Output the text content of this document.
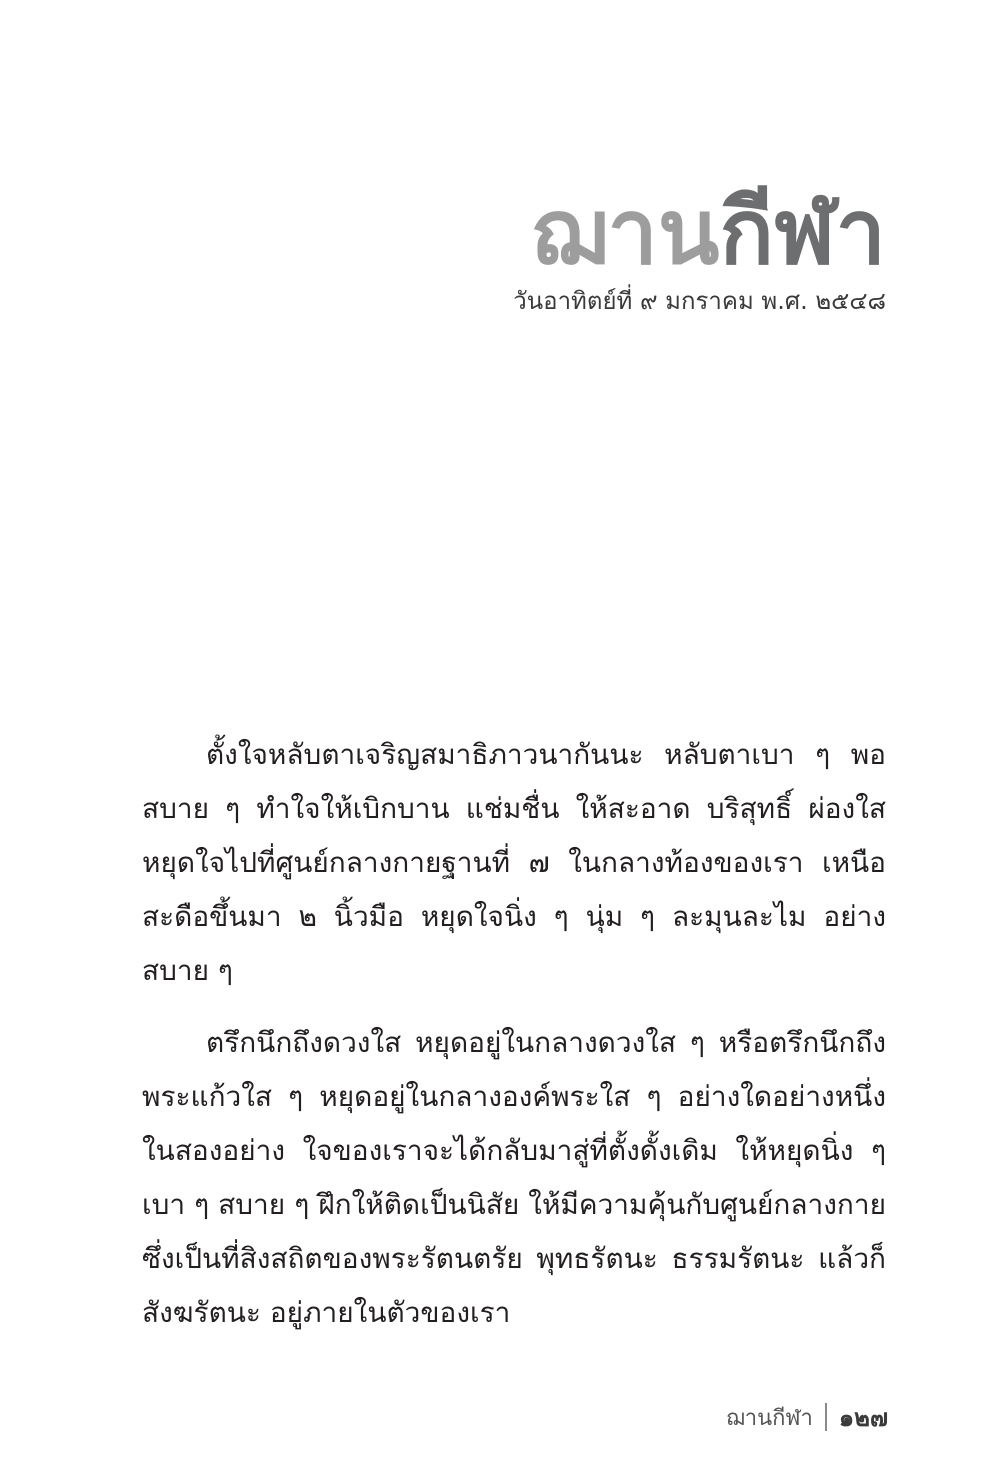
ฌานกีฬา
วันอาทิตย์ที่ ๙ มกราคม พ.ศ. ๒๕๔๘

ตั้งใจหลับตาเจริญสมาธิภาวนากันนะ หลับตาเบา ๆ พอสบาย ๆ ทำใจให้เบิกบาน แช่มชื่น ให้สะอาด บริสุทธิ์ ผ่องใส หยุดใจไปที่ศูนย์กลางกายฐานที่ ๗ ในกลางท้องของเรา เหนือสะดือขึ้นมา ๒ นิ้วมือ หยุดใจนิ่ง ๆ นุ่ม ๆ ละมุนละไม อย่างสบาย ๆ

ตรึกนึกถึงดวงใส หยุดอยู่ในกลางดวงใส ๆ หรือตรึกนึกถึงพระแก้วใส ๆ หยุดอยู่ในกลางองค์พระใส ๆ อย่างใดอย่างหนึ่งในสองอย่าง ใจของเราจะได้กลับมาสู่ที่ตั้งดั้งเดิม ให้หยุดนิ่ง ๆ เบา ๆ สบาย ๆ ฝึกให้ติดเป็นนิสัย ให้มีความคุ้นกับศูนย์กลางกาย ซึ่งเป็นที่สิงสถิตของพระรัตนตรัย พุทธรัตนะ ธรรมรัตนะ แล้วก็สังฆรัตนะ อยู่ภายในตัวของเรา

ฌานกีฬา ๑๒๗
